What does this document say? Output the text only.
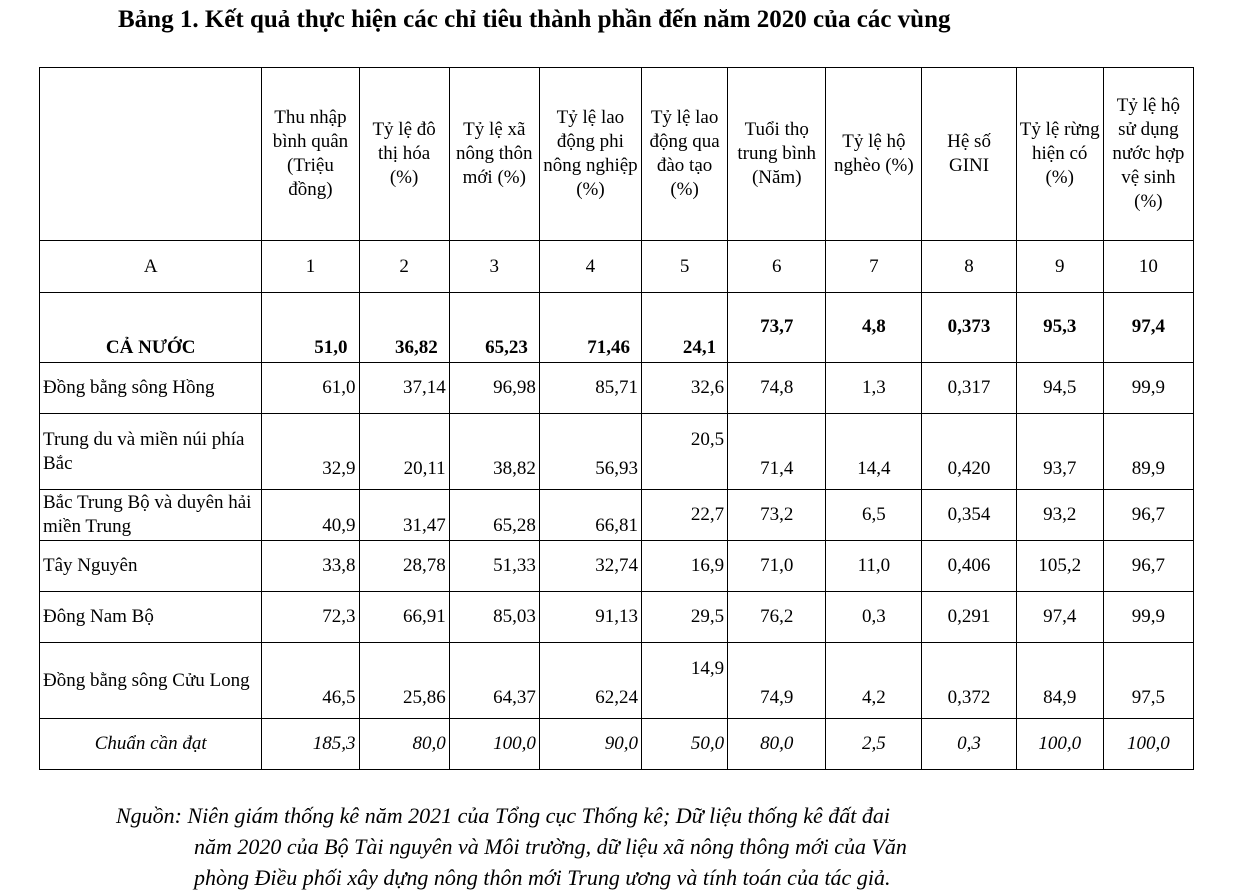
Bảng 1. Kết quả thực hiện các chỉ tiêu thành phần đến năm 2020 của các vùng
	Thu nhập bình quân (Triệu đồng)	Tỷ lệ đô thị hóa (%)	Tỷ lệ xã nông thôn mới (%)	Tỷ lệ lao động phi nông nghiệp (%)	Tỷ lệ lao động qua đào tạo (%)	Tuổi thọ trung bình (Năm)	Tỷ lệ hộ nghèo (%)	Hệ số GINI	Tỷ lệ rừng hiện có (%)	Tỷ lệ hộ sử dụng nước hợp vệ sinh (%)
A	1	2	3	4	5	6	7	8	9	10
CẢ NƯỚC	51,0	36,82	65,23	71,46	24,1	73,7	4,8	0,373	95,3	97,4
Đồng bằng sông Hồng	61,0	37,14	96,98	85,71	32,6	74,8	1,3	0,317	94,5	99,9
Trung du và miền núi phía Bắc	32,9	20,11	38,82	56,93	20,5	71,4	14,4	0,420	93,7	89,9
Bắc Trung Bộ và duyên hải miền Trung	40,9	31,47	65,28	66,81	22,7	73,2	6,5	0,354	93,2	96,7
Tây Nguyên	33,8	28,78	51,33	32,74	16,9	71,0	11,0	0,406	105,2	96,7
Đông Nam Bộ	72,3	66,91	85,03	91,13	29,5	76,2	0,3	0,291	97,4	99,9
Đồng bằng sông Cửu Long	46,5	25,86	64,37	62,24	14,9	74,9	4,2	0,372	84,9	97,5
Chuẩn cần đạt	185,3	80,0	100,0	90,0	50,0	80,0	2,5	0,3	100,0	100,0
Nguồn: Niên giám thống kê năm 2021 của Tổng cục Thống kê; Dữ liệu thống kê đất đai
năm 2020 của Bộ Tài nguyên và Môi trường, dữ liệu xã nông thông mới của Văn
phòng Điều phối xây dựng nông thôn mới Trung ương và tính toán của tác giả.
